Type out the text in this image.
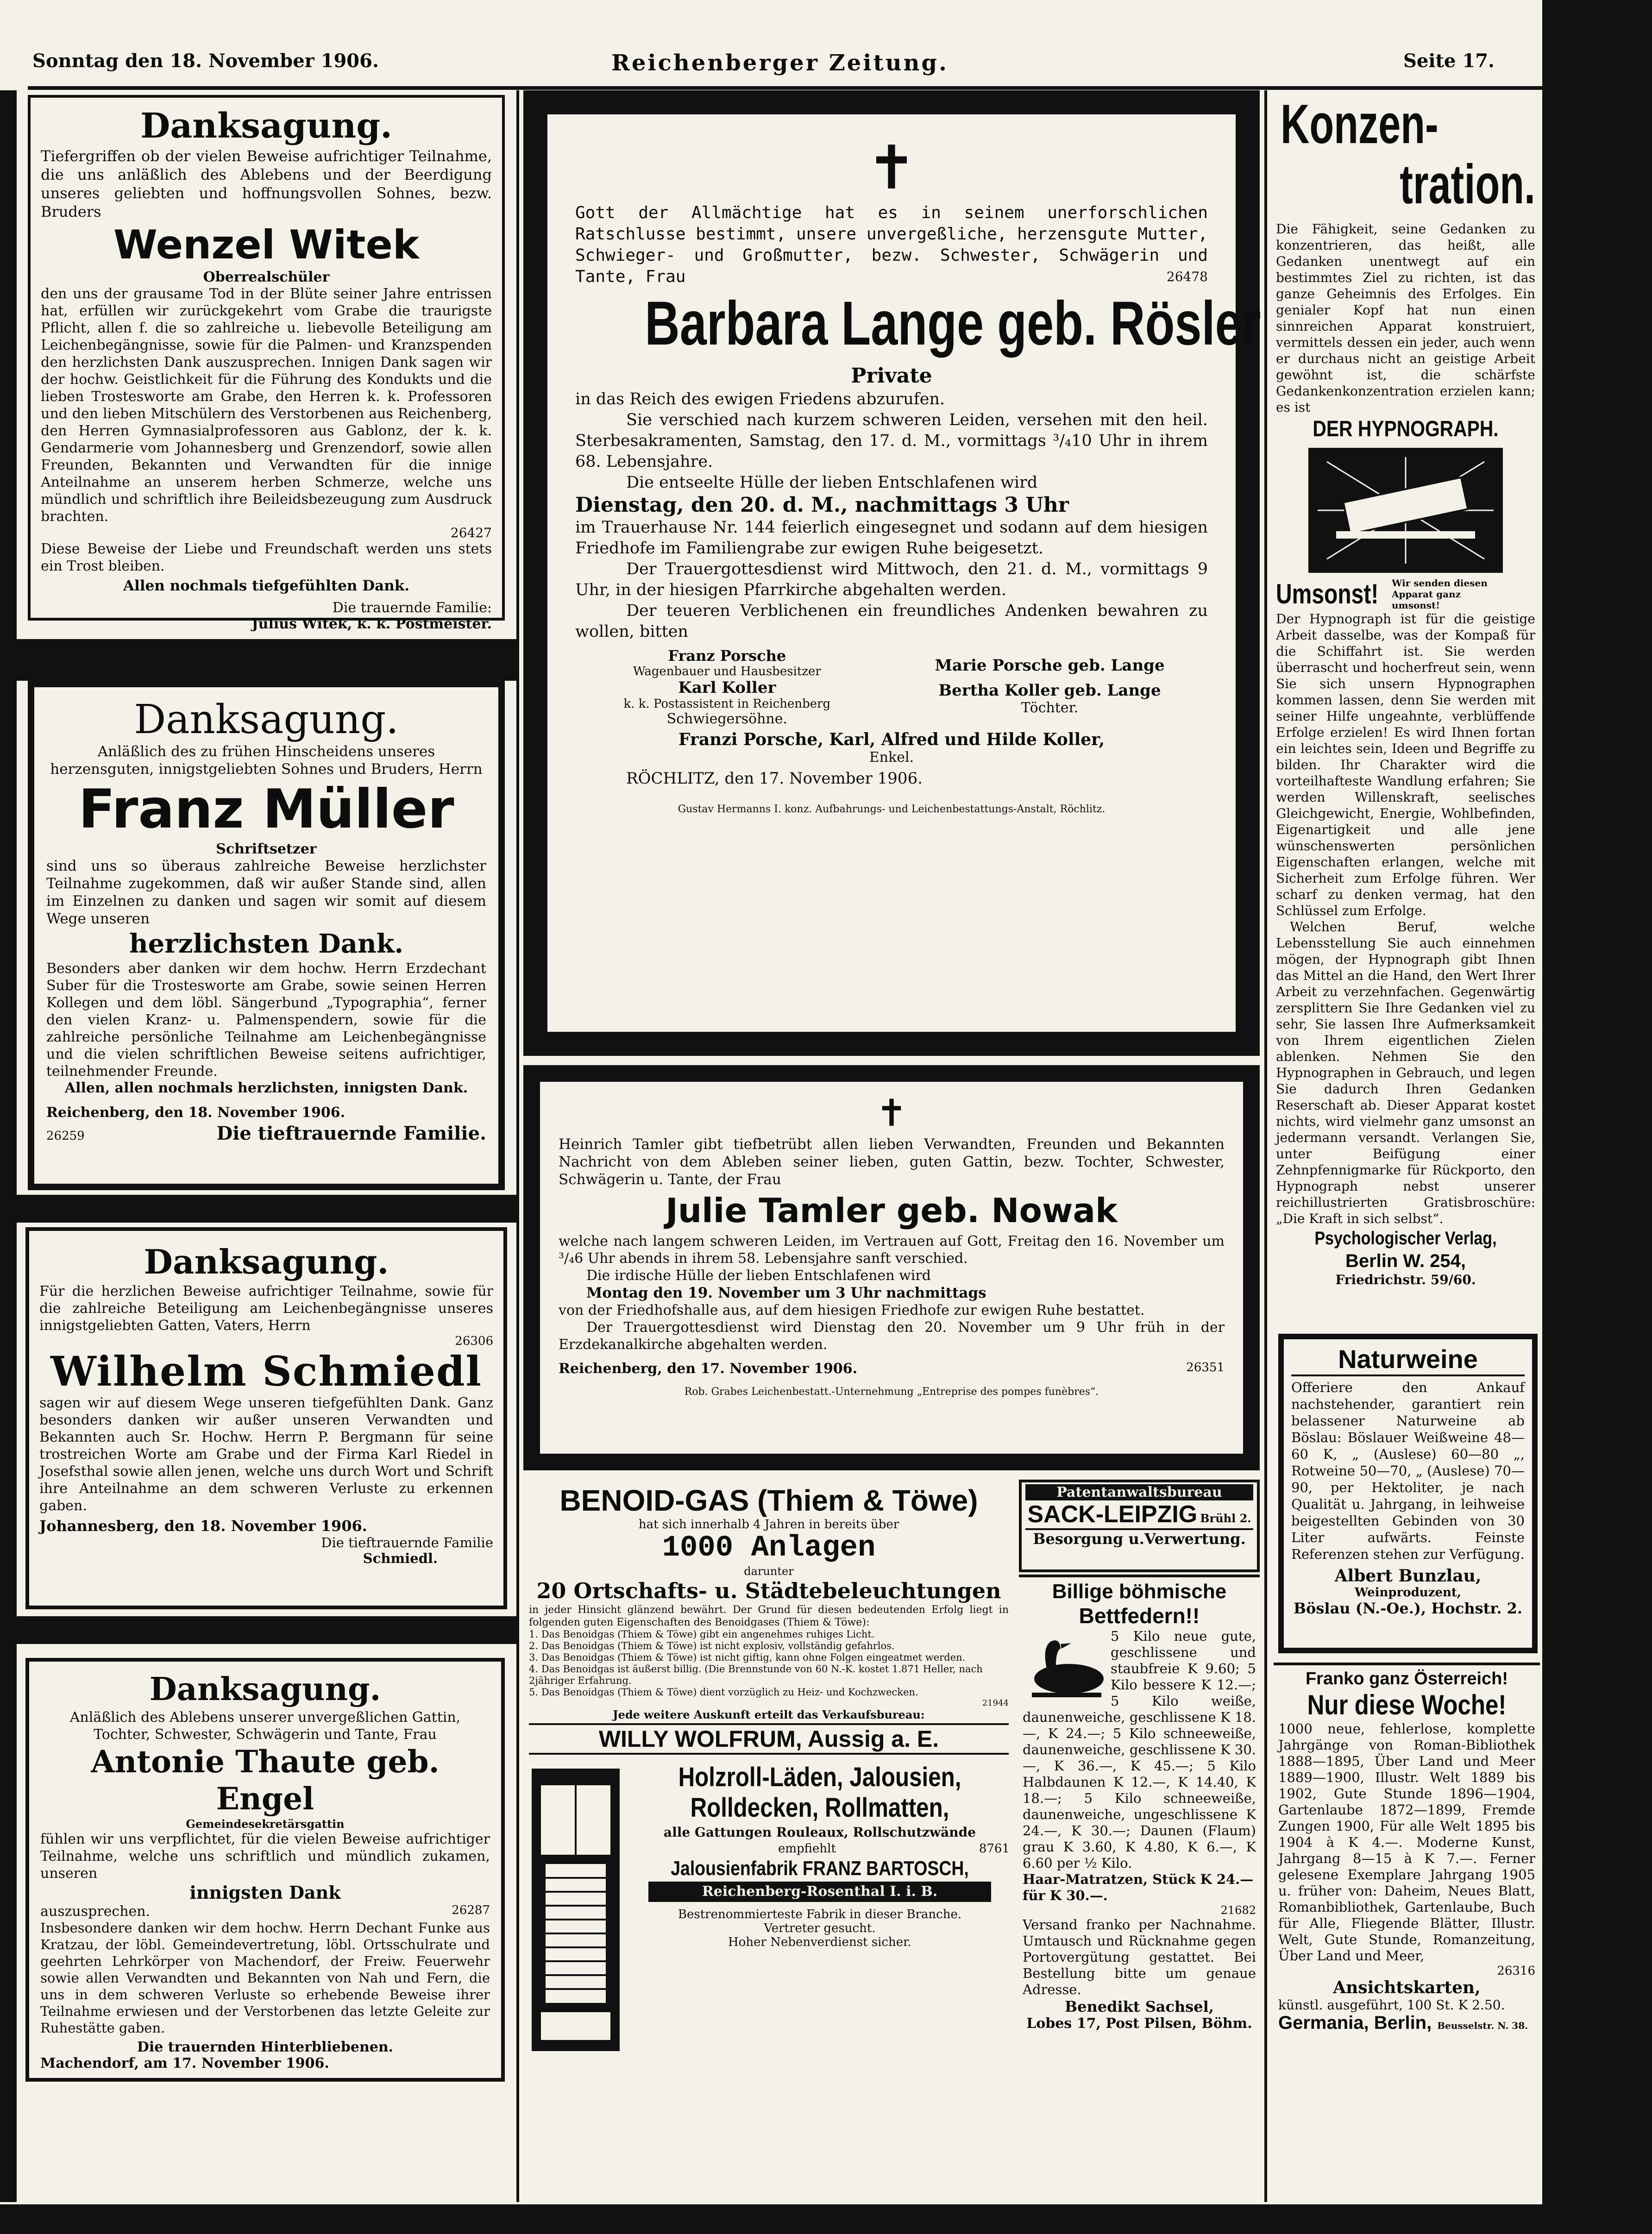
Sonntag den 18. November 1906.	Reichenberger Zeitung.	Seite 17.
Danksagung.

Tiefergriffen ob der vielen Beweise aufrichtiger Teilnahme, die uns anläßlich des Ablebens und der Beerdigung unseres geliebten und hoffnungsvollen Sohnes, bezw. Bruders

Wenzel Witek
Oberrealschüler

den uns der grausame Tod in der Blüte seiner Jahre entrissen hat, erfüllen wir zurückgekehrt vom Grabe die traurigste Pflicht, allen f. die so zahlreiche u. liebevolle Beteiligung am Leichenbegängnisse, sowie für die Palmen- und Kranzspenden den herzlichsten Dank auszusprechen. Innigen Dank sagen wir der hochw. Geistlichkeit für die Führung des Kondukts und die lieben Trostesworte am Grabe, den Herren k. k. Professoren und den lieben Mitschülern des Verstorbenen aus Reichenberg, den Herren Gymnasialprofessoren aus Gablonz, der k. k. Gendarmerie vom Johannesberg und Grenzendorf, sowie allen Freunden, Bekannten und Verwandten für die innige Anteilnahme an unserem herben Schmerze, welche uns mündlich und schriftlich ihre Beileidsbezeugung zum Ausdruck brachten.

26427

Diese Beweise der Liebe und Freundschaft werden uns stets ein Trost bleiben.

Allen nochmals tiefgefühlten Dank.
Die trauernde Familie:
Julius Witek, k. k. Postmeister.
Danksagung.

Anläßlich des zu frühen Hinscheidens unseres herzensguten, innigstgeliebten Sohnes und Bruders, Herrn

Franz Müller
Schriftsetzer

sind uns so überaus zahlreiche Beweise herzlichster Teilnahme zugekommen, daß wir außer Stande sind, allen im Einzelnen zu danken und sagen wir somit auf diesem Wege unseren

herzlichsten Dank.

Besonders aber danken wir dem hochw. Herrn Erzdechant Suber für die Trostesworte am Grabe, sowie seinen Herren Kollegen und dem löbl. Sängerbund „Typographia“, ferner den vielen Kranz- u. Palmenspendern, sowie für die zahlreiche persönliche Teilnahme am Leichenbegängnisse und die vielen schriftlichen Beweise seitens aufrichtiger, teilnehmender Freunde.

Allen, allen nochmals herzlichsten, innigsten Dank.
Reichenberg, den 18. November 1906.
26259	Die tieftrauernde Familie.
Danksagung.

Für die herzlichen Beweise aufrichtiger Teilnahme, sowie für die zahlreiche Beteiligung am Leichenbegängnisse unseres innigstgeliebten Gatten, Vaters, Herrn

26306
Wilhelm Schmiedl

sagen wir auf diesem Wege unseren tiefgefühlten Dank. Ganz besonders danken wir außer unseren Verwandten und Bekannten auch Sr. Hochw. Herrn P. Bergmann für seine trostreichen Worte am Grabe und der Firma Karl Riedel in Josefsthal sowie allen jenen, welche uns durch Wort und Schrift ihre Anteilnahme an dem schweren Verluste zu erkennen gaben.

Johannesberg, den 18. November 1906.
Die tieftrauernde Familie
Schmiedl.
Danksagung.

Anläßlich des Ablebens unserer unvergeßlichen Gattin, Tochter, Schwester, Schwägerin und Tante, Frau

Antonie Thaute geb. Engel
Gemeindesekretärsgattin

fühlen wir uns verpflichtet, für die vielen Beweise aufrichtiger Teilnahme, welche uns schriftlich und mündlich zukamen, unseren

innigsten Dank
auszusprechen.	26287

Insbesondere danken wir dem hochw. Herrn Dechant Funke aus Kratzau, der löbl. Gemeindevertretung, löbl. Ortsschulrate und geehrten Lehrkörper von Machendorf, der Freiw. Feuerwehr sowie allen Verwandten und Bekannten von Nah und Fern, die uns in dem schweren Verluste so erhebende Beweise ihrer Teilnahme erwiesen und der Verstorbenen das letzte Geleite zur Ruhestätte gaben.

Die trauernden Hinterbliebenen.
Machendorf, am 17. November 1906.
✝

Gott der Allmächtige hat es in seinem unerforschlichen Ratschlusse bestimmt, unsere unvergeßliche, herzensgute Mutter, Schwieger- und Großmutter, bezw. Schwester, Schwägerin und Tante, Frau	26478
Barbara Lange geb. Rösler
Private

in das Reich des ewigen Friedens abzurufen.

Sie verschied nach kurzem schweren Leiden, versehen mit den heil. Sterbesakramenten, Samstag, den 17. d. M., vormittags ³/₄10 Uhr in ihrem 68. Lebensjahre.

Die entseelte Hülle der lieben Entschlafenen wird

Dienstag, den 20. d. M., nachmittags 3 Uhr

im Trauerhause Nr. 144 feierlich eingesegnet und sodann auf dem hiesigen Friedhofe im Familiengrabe zur ewigen Ruhe beigesetzt.

Der Trauergottesdienst wird Mittwoch, den 21. d. M., vormittags 9 Uhr, in der hiesigen Pfarrkirche abgehalten werden.

Der teueren Verblichenen ein freundliches Andenken bewahren zu wollen, bitten

Franz Porsche
Wagenbauer und Hausbesitzer
Karl Koller
k. k. Postassistent in Reichenberg
Schwiegersöhne.
Marie Porsche geb. Lange
Bertha Koller geb. Lange
Töchter.
Franzi Porsche, Karl, Alfred und Hilde Koller,
Enkel.
RÖCHLITZ, den 17. November 1906.
Gustav Hermanns I. konz. Aufbahrungs- und Leichenbestattungs-Anstalt, Röchlitz.
✝

Heinrich Tamler gibt tiefbetrübt allen lieben Verwandten, Freunden und Bekannten Nachricht von dem Ableben seiner lieben, guten Gattin, bezw. Tochter, Schwester, Schwägerin u. Tante, der Frau

Julie Tamler geb. Nowak

welche nach langem schweren Leiden, im Vertrauen auf Gott, Freitag den 16. November um ³/₄6 Uhr abends in ihrem 58. Lebensjahre sanft verschied.

Die irdische Hülle der lieben Entschlafenen wird

Montag den 19. November um 3 Uhr nachmittags

von der Friedhofshalle aus, auf dem hiesigen Friedhofe zur ewigen Ruhe bestattet.

Der Trauergottesdienst wird Dienstag den 20. November um 9 Uhr früh in der Erzdekanalkirche abgehalten werden.

Reichenberg, den 17. November 1906.	26351
Rob. Grabes Leichenbestatt.-Unternehmung „Entreprise des pompes funèbres“.
BENOID-GAS (Thiem & Töwe)
hat sich innerhalb 4 Jahren in bereits über
1000 Anlagen
darunter
20 Ortschafts- u. Städtebeleuchtungen

in jeder Hinsicht glänzend bewährt. Der Grund für diesen bedeutenden Erfolg liegt in folgenden guten Eigenschaften des Benoidgases (Thiem & Töwe):

1. Das Benoidgas (Thiem & Töwe) gibt ein angenehmes ruhiges Licht.
2. Das Benoidgas (Thiem & Töwe) ist nicht explosiv, vollständig gefahrlos.
3. Das Benoidgas (Thiem & Töwe) ist nicht giftig, kann ohne Folgen eingeatmet werden.
4. Das Benoidgas ist äußerst billig. (Die Brennstunde von 60 N.-K. kostet 1.871 Heller, nach 2jähriger Erfahrung.
5. Das Benoidgas (Thiem & Töwe) dient vorzüglich zu Heiz- und Kochzwecken.
21944
Jede weitere Auskunft erteilt das Verkaufsbureau:
WILLY WOLFRUM, Aussig a. E.
Holzroll-Läden, Jalousien,
Rolldecken, Rollmatten,
alle Gattungen Rouleaux, Rollschutzwände
empfiehlt	8761
Jalousienfabrik FRANZ BARTOSCH,
Reichenberg-Rosenthal I. i. B.
Bestrenommierteste Fabrik in dieser Branche.
Vertreter gesucht.
Hoher Nebenverdienst sicher.
Patentanwaltsbureau
SACK-LEIPZIG Brühl 2.
Besorgung u.Verwertung.
Billige böhmische
Bettfedern!!

5 Kilo neue gute, geschlissene und staubfreie K 9.60; 5 Kilo bessere K 12.—; 5 Kilo weiße, daunenweiche, geschlissene K 18.—, K 24.—; 5 Kilo schneeweiße, daunenweiche, geschlissene K 30.—, K 36.—, K 45.—; 5 Kilo Halbdaunen K 12.—, K 14.40, K 18.—; 5 Kilo schneeweiße, daunenweiche, ungeschlissene K 24.—, K 30.—; Daunen (Flaum) grau K 3.60, K 4.80, K 6.—, K 6.60 per ½ Kilo.

Haar-Matratzen, Stück K 24.— für K 30.—.
21682

Versand franko per Nachnahme. Umtausch und Rücknahme gegen Portovergütung gestattet. Bei Bestellung bitte um genaue Adresse.

Benedikt Sachsel,
Lobes 17, Post Pilsen, Böhm.
Konzen-
tration.

Die Fähigkeit, seine Gedanken zu konzentrieren, das heißt, alle Gedanken unentwegt auf ein bestimmtes Ziel zu richten, ist das ganze Geheimnis des Erfolges. Ein genialer Kopf hat nun einen sinnreichen Apparat konstruiert, vermittels dessen ein jeder, auch wenn er durchaus nicht an geistige Arbeit gewöhnt ist, die schärfste Gedankenkonzentration erzielen kann; es ist

DER HYPNOGRAPH.
Umsonst! Wir senden diesen Apparat ganz umsonst!

Der Hypnograph ist für die geistige Arbeit dasselbe, was der Kompaß für die Schiffahrt ist. Sie werden überrascht und hocherfreut sein, wenn Sie sich unsern Hypnographen kommen lassen, denn Sie werden mit seiner Hilfe ungeahnte, verblüffende Erfolge erzielen! Es wird Ihnen fortan ein leichtes sein, Ideen und Begriffe zu bilden. Ihr Charakter wird die vorteilhafteste Wandlung erfahren; Sie werden Willenskraft, seelisches Gleichgewicht, Energie, Wohlbefinden, Eigenartigkeit und alle jene wünschenswerten persönlichen Eigenschaften erlangen, welche mit Sicherheit zum Erfolge führen. Wer scharf zu denken vermag, hat den Schlüssel zum Erfolge.

Welchen Beruf, welche Lebensstellung Sie auch einnehmen mögen, der Hypnograph gibt Ihnen das Mittel an die Hand, den Wert Ihrer Arbeit zu verzehnfachen. Gegenwärtig zersplittern Sie Ihre Gedanken viel zu sehr, Sie lassen Ihre Aufmerksamkeit von Ihrem eigentlichen Zielen ablenken. Nehmen Sie den Hypnographen in Gebrauch, und legen Sie dadurch Ihren Gedanken Reserschaft ab. Dieser Apparat kostet nichts, wird vielmehr ganz umsonst an jedermann versandt. Verlangen Sie, unter Beifügung einer Zehnpfennigmarke für Rückporto, den Hypnograph nebst unserer reichillustrierten Gratisbroschüre: „Die Kraft in sich selbst“.

Psychologischer Verlag,
Berlin W. 254,
Friedrichstr. 59/60.
Naturweine

Offeriere den Ankauf nachstehender, garantiert rein belassener Naturweine ab Böslau: Böslauer Weißweine 48—60 K, „ (Auslese) 60—80 „, Rotweine 50—70, „ (Auslese) 70—90, per Hektoliter, je nach Qualität u. Jahrgang, in leihweise beigestellten Gebinden von 30 Liter aufwärts. Feinste Referenzen stehen zur Verfügung.

Albert Bunzlau,
Weinproduzent,
Böslau (N.-Oe.), Hochstr. 2.
Franko ganz Österreich!
Nur diese Woche!

1000 neue, fehlerlose, komplette Jahrgänge von Roman-Bibliothek 1888—1895, Über Land und Meer 1889—1900, Illustr. Welt 1889 bis 1902, Gute Stunde 1896—1904, Gartenlaube 1872—1899, Fremde Zungen 1900, Für alle Welt 1895 bis 1904 à K 4.—. Moderne Kunst, Jahrgang 8—15 à K 7.—. Ferner gelesene Exemplare Jahrgang 1905 u. früher von: Daheim, Neues Blatt, Romanbibliothek, Gartenlaube, Buch für Alle, Fliegende Blätter, Illustr. Welt, Gute Stunde, Romanzeitung, Über Land und Meer,

26316
Ansichtskarten,
künstl. ausgeführt, 100 St. K 2.50.
Germania, Berlin, Beusselstr. N. 38.
